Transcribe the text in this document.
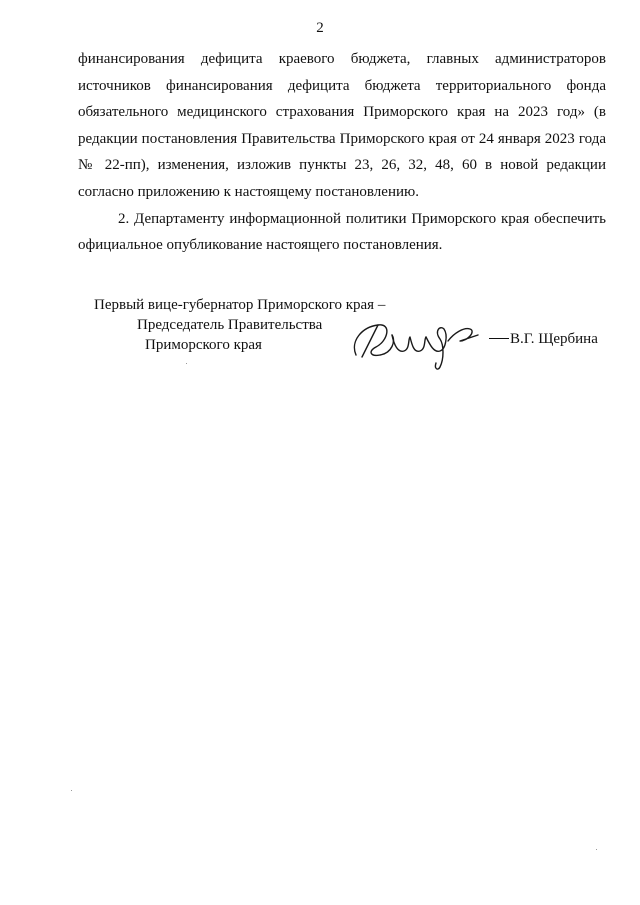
2

финансирования дефицита краевого бюджета, главных администраторов источников финансирования дефицита бюджета территориального фонда обязательного медицинского страхования Приморского края на 2023 год» (в редакции постановления Правительства Приморского края от 24 января 2023 года № 22-пп), изменения, изложив пункты 23, 26, 32, 48, 60 в новой редакции согласно приложению к настоящему постановлению.

2. Департаменту информационной политики Приморского края обеспечить официальное опубликование настоящего постановления.

Первый вице-губернатор Приморского края –
Председатель Правительства
Приморского края	В.Г. Щербина
